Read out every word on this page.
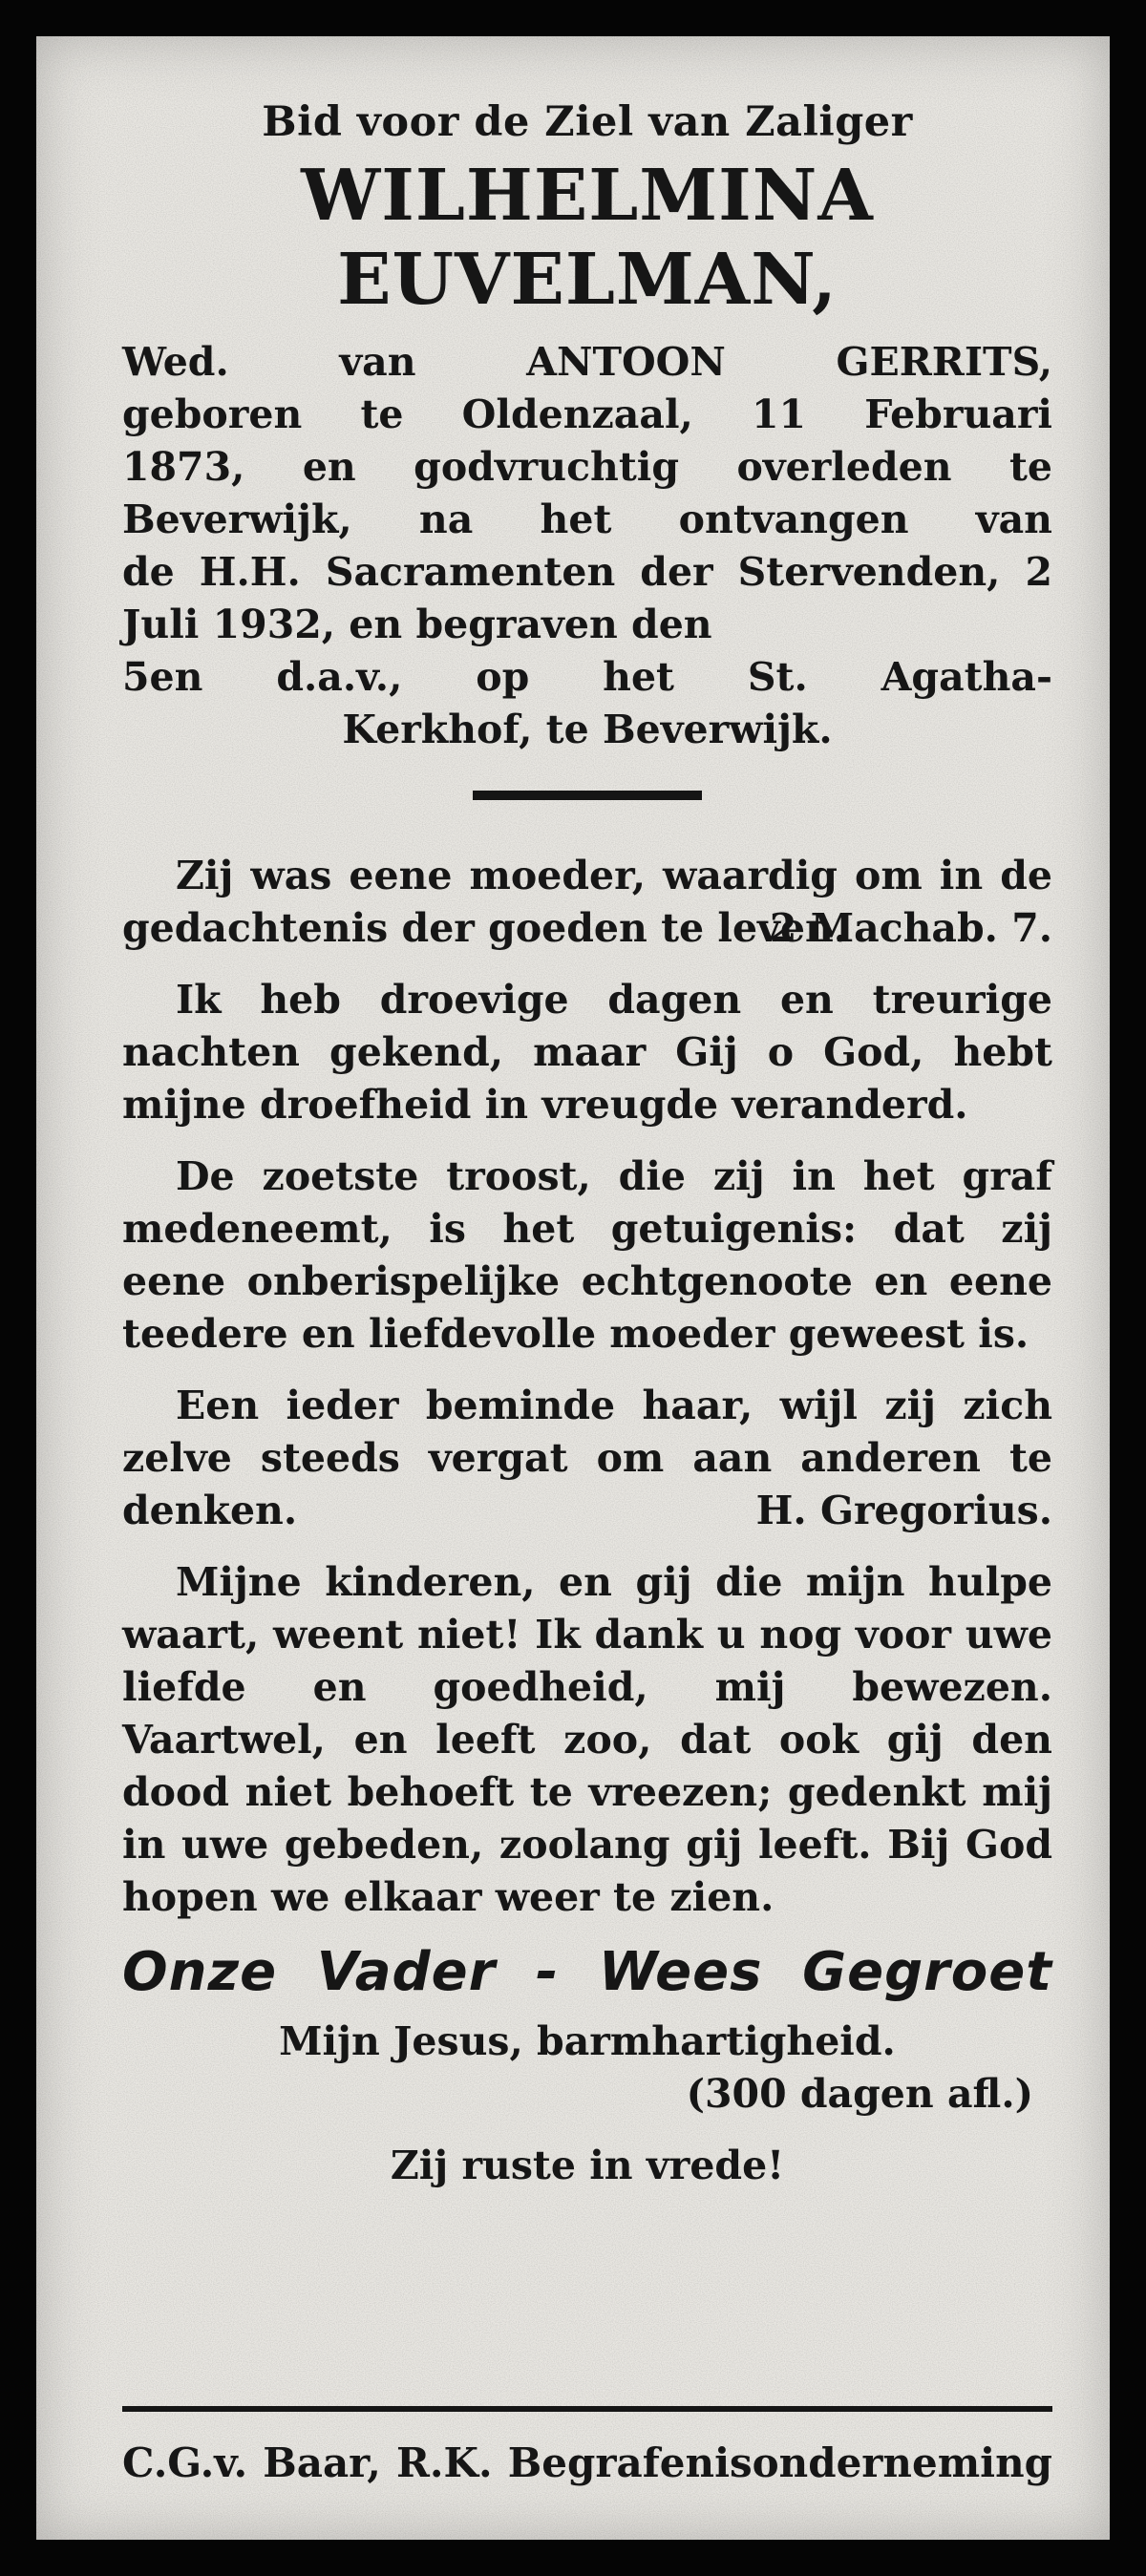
Bid voor de Ziel van Zaliger
WILHELMINA
EUVELMAN,
Wed. van ANTOON GERRITS,
geboren te Oldenzaal, 11 Februari
1873, en godvruchtig overleden te
Beverwijk, na het ontvangen van
de H.H. Sacramenten der Stervenden, 2 Juli 1932, en begraven den
5en d.a.v., op het St. Agatha-
Kerkhof, te Beverwijk.
Zij was eene moeder, waardig om in de gedachtenis der goeden te leven.
2 Machab. 7.
Ik heb droevige dagen en treurige nachten gekend, maar Gij o God, hebt mijne droefheid in vreugde veranderd.
De zoetste troost, die zij in het graf medeneemt, is het getuigenis: dat zij eene onberispelijke echtgenoote en eene teedere en liefdevolle moeder geweest is.
Een ieder beminde haar, wijl zij zich zelve steeds vergat om aan anderen te denken.	H. Gregorius.
Mijne kinderen, en gij die mijn hulpe waart, weent niet! Ik dank u nog voor uwe liefde en goedheid, mij bewezen. Vaartwel, en leeft zoo, dat ook gij den dood niet behoeft te vreezen; gedenkt mij in uwe gebeden, zoolang gij leeft. Bij God hopen we elkaar weer te zien.
Onze Vader - Wees Gegroet
Mijn Jesus, barmhartigheid.
(300 dagen afl.)
Zij ruste in vrede!
C.G.v. Baar, R.K. Begrafenisonderneming
